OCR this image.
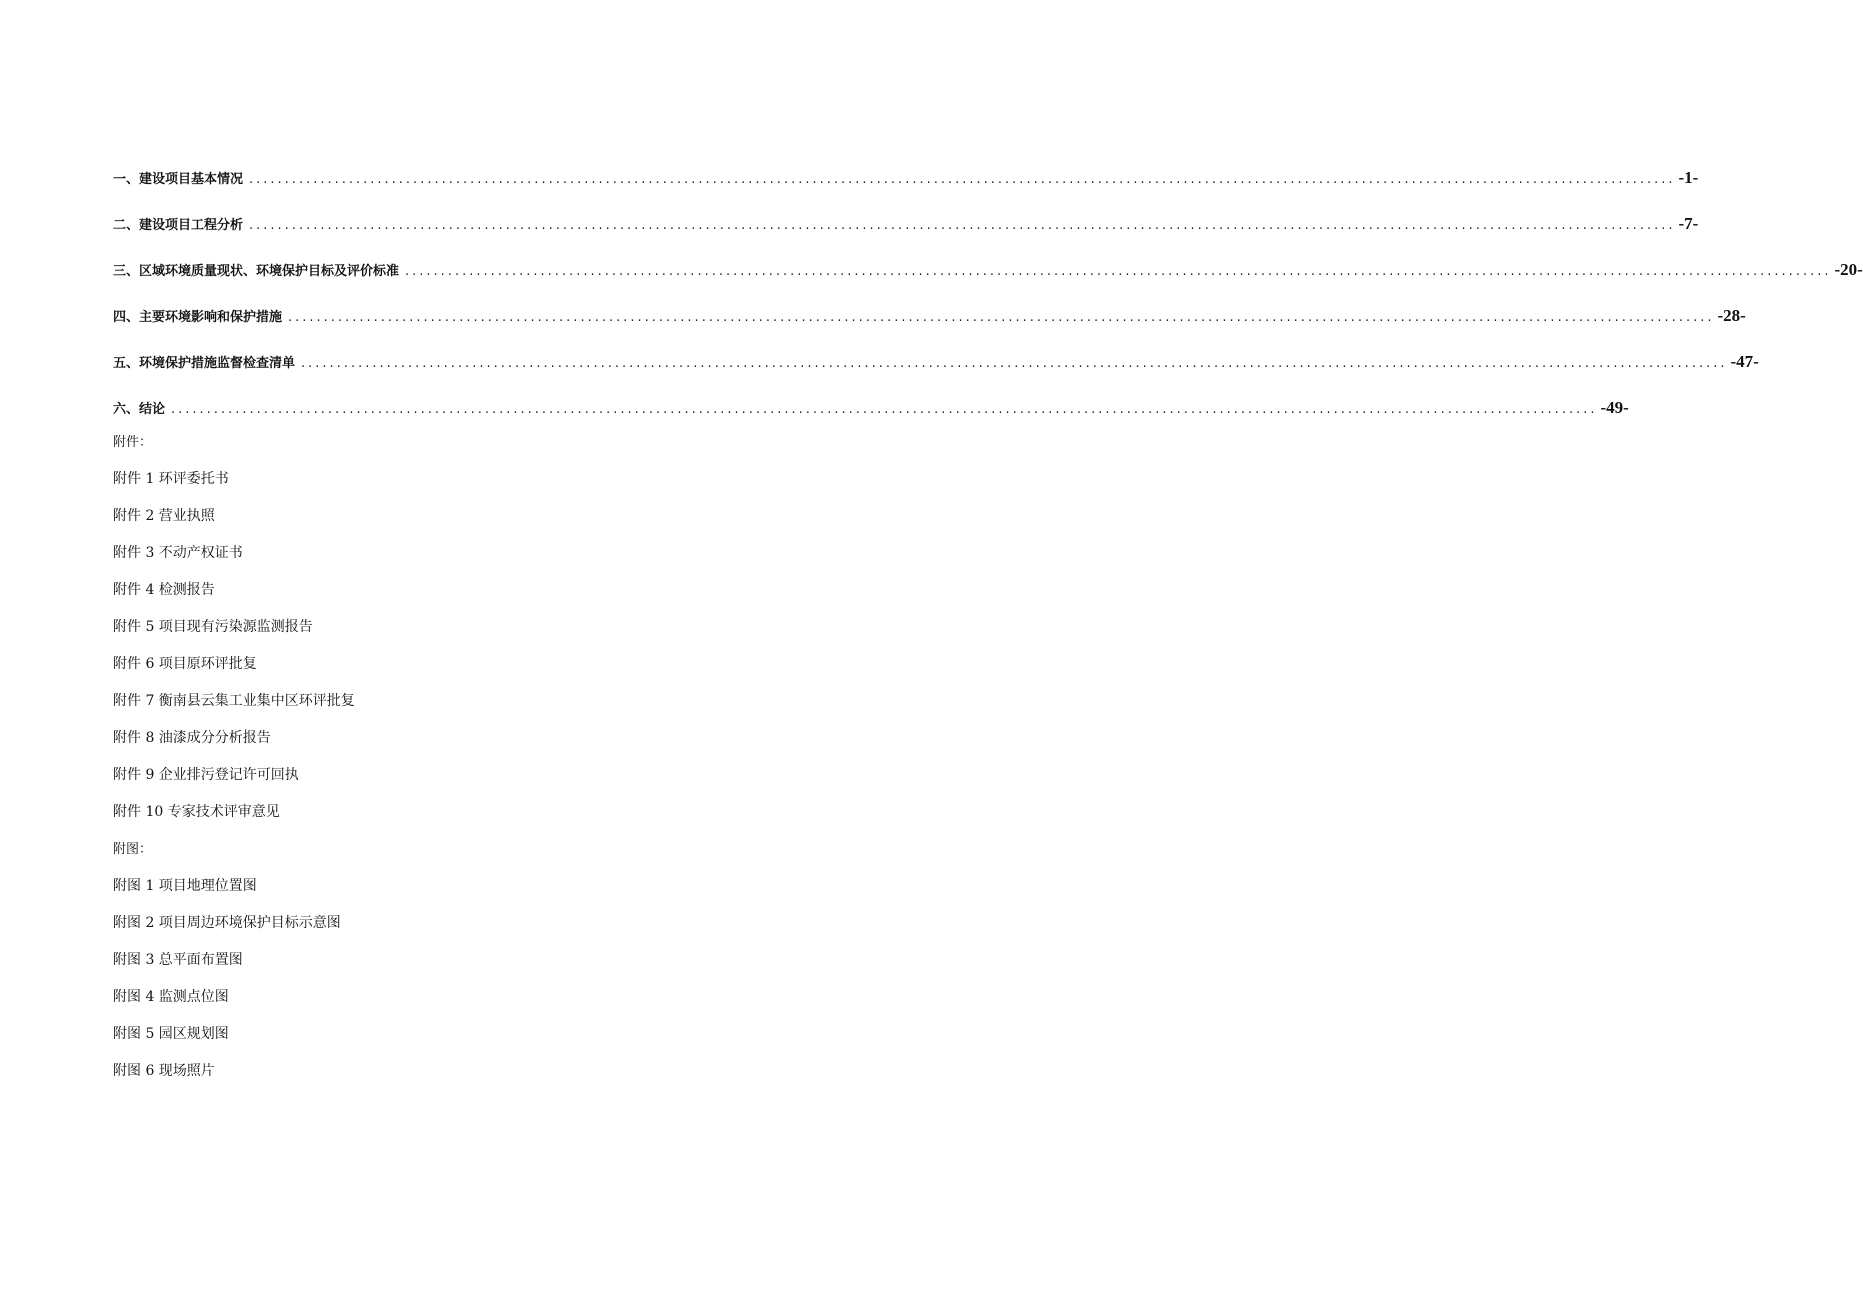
一、建设项目基本情况 ........................................................................................................................................................................................................ -1-
二、建设项目工程分析 ........................................................................................................................................................................................................ -7-
三、区域环境质量现状、环境保护目标及评价标准 ........................................................................................................................................................................................................ -20-
四、主要环境影响和保护措施 ........................................................................................................................................................................................................ -28-
五、环境保护措施监督检查清单 ........................................................................................................................................................................................................ -47-
六、结论 ........................................................................................................................................................................................................ -49-
附件：
附件 1 环评委托书
附件 2 营业执照
附件 3 不动产权证书
附件 4 检测报告
附件 5 项目现有污染源监测报告
附件 6 项目原环评批复
附件 7 衡南县云集工业集中区环评批复
附件 8 油漆成分分析报告
附件 9 企业排污登记许可回执
附件 10 专家技术评审意见
附图：
附图 1 项目地理位置图
附图 2 项目周边环境保护目标示意图
附图 3 总平面布置图
附图 4 监测点位图
附图 5 园区规划图
附图 6 现场照片
